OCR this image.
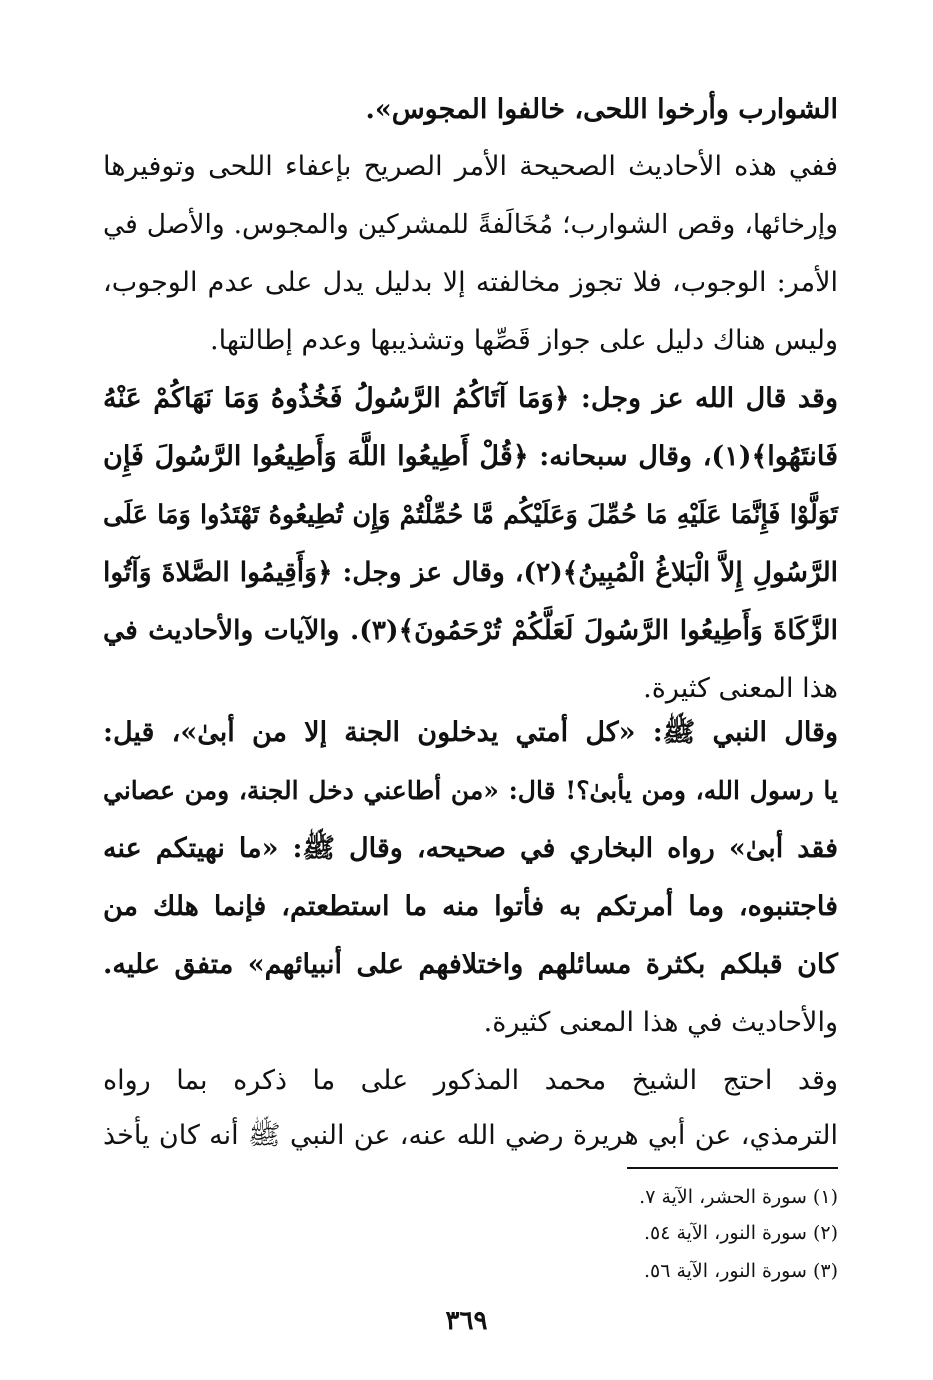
الشوارب وأرخوا اللحى، خالفوا المجوس».
ففي هذه الأحاديث الصحيحة الأمر الصريح بإعفاء اللحى وتوفيرها
وإرخائها، وقص الشوارب؛ مُخَالَفةً للمشركين والمجوس. والأصل في
الأمر: الوجوب، فلا تجوز مخالفته إلا بدليل يدل على عدم الوجوب،
وليس هناك دليل على جواز قَصِّها وتشذيبها وعدم إطالتها.
وقد قال الله عز وجل: ﴿وَمَا آتَاكُمُ الرَّسُولُ فَخُذُوهُ وَمَا نَهَاكُمْ عَنْهُ
فَانتَهُوا﴾(١)، وقال سبحانه: ﴿قُلْ أَطِيعُوا اللَّهَ وَأَطِيعُوا الرَّسُولَ فَإِن
تَوَلَّوْا فَإِنَّمَا عَلَيْهِ مَا حُمِّلَ وَعَلَيْكُم مَّا حُمِّلْتُمْ وَإِن تُطِيعُوهُ تَهْتَدُوا وَمَا عَلَى
الرَّسُولِ إِلاَّ الْبَلاغُ الْمُبِينُ﴾(٢)، وقال عز وجل: ﴿وَأَقِيمُوا الصَّلاةَ وَآتُوا
الزَّكَاةَ وَأَطِيعُوا الرَّسُولَ لَعَلَّكُمْ تُرْحَمُونَ﴾(٣). والآيات والأحاديث في
هذا المعنى كثيرة.
وقال النبي ﷺ: «كل أمتي يدخلون الجنة إلا من أبىٰ»، قيل:
يا رسول الله، ومن يأبىٰ؟! قال: «من أطاعني دخل الجنة، ومن عصاني
فقد أبىٰ» رواه البخاري في صحيحه، وقال ﷺ: «ما نهيتكم عنه
فاجتنبوه، وما أمرتكم به فأتوا منه ما استطعتم، فإنما هلك من
كان قبلكم بكثرة مسائلهم واختلافهم على أنبيائهم» متفق عليه.
والأحاديث في هذا المعنى كثيرة.
وقد احتج الشيخ محمد المذكور على ما ذكره بما رواه
الترمذي، عن أبي هريرة رضي الله عنه، عن النبي ﷺ أنه كان يأخذ
(١) سورة الحشر، الآية ٧.
(٢) سورة النور، الآية ٥٤.
(٣) سورة النور، الآية ٥٦.
٣٦٩
